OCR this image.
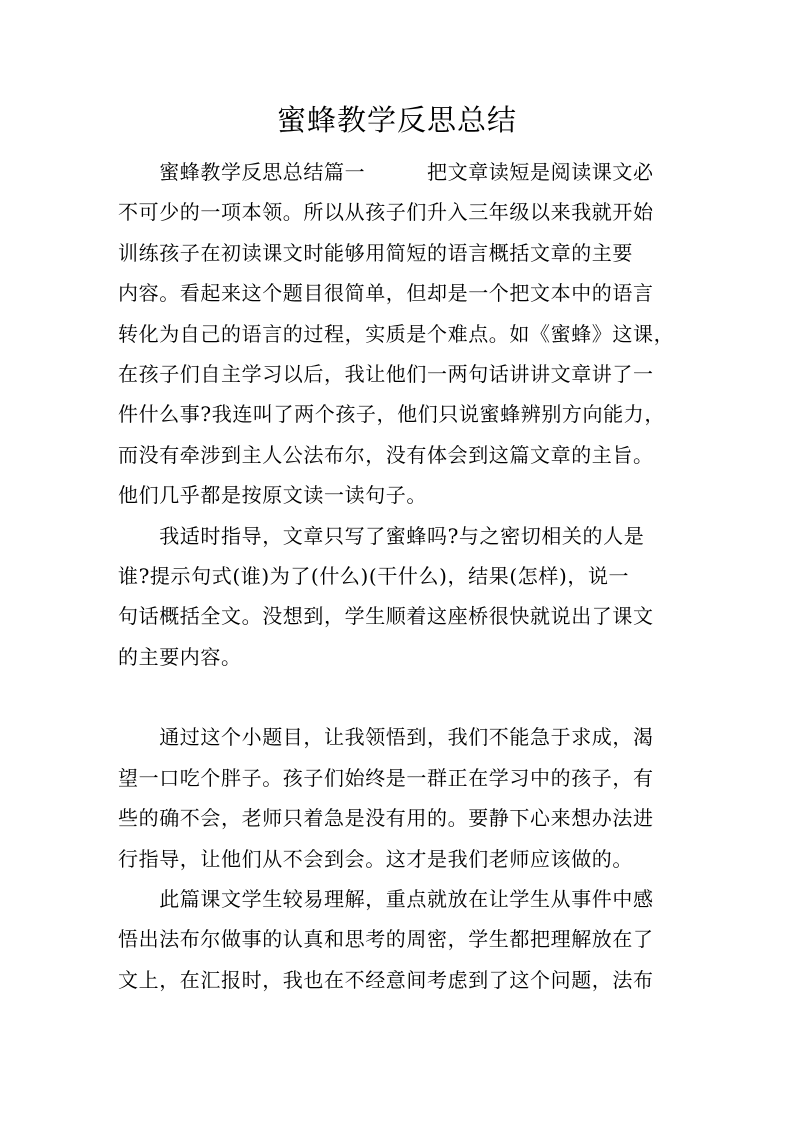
蜜蜂教学反思总结
　　蜜蜂教学反思总结篇一　　　把文章读短是阅读课文必
不可少的一项本领。所以从孩子们升入三年级以来我就开始
训练孩子在初读课文时能够用简短的语言概括文章的主要
内容。看起来这个题目很简单，但却是一个把文本中的语言
转化为自己的语言的过程，实质是个难点。如《蜜蜂》这课，
在孩子们自主学习以后，我让他们一两句话讲讲文章讲了一
件什么事?我连叫了两个孩子，他们只说蜜蜂辨别方向能力，
而没有牵涉到主人公法布尔，没有体会到这篇文章的主旨。
他们几乎都是按原文读一读句子。
　　我适时指导，文章只写了蜜蜂吗?与之密切相关的人是
谁?提示句式(谁)为了(什么)(干什么)，结果(怎样)，说一
句话概括全文。没想到，学生顺着这座桥很快就说出了课文
的主要内容。
　　通过这个小题目，让我领悟到，我们不能急于求成，渴
望一口吃个胖子。孩子们始终是一群正在学习中的孩子，有
些的确不会，老师只着急是没有用的。要静下心来想办法进
行指导，让他们从不会到会。这才是我们老师应该做的。
　　此篇课文学生较易理解，重点就放在让学生从事件中感
悟出法布尔做事的认真和思考的周密，学生都把理解放在了
文上，在汇报时，我也在不经意间考虑到了这个问题，法布
